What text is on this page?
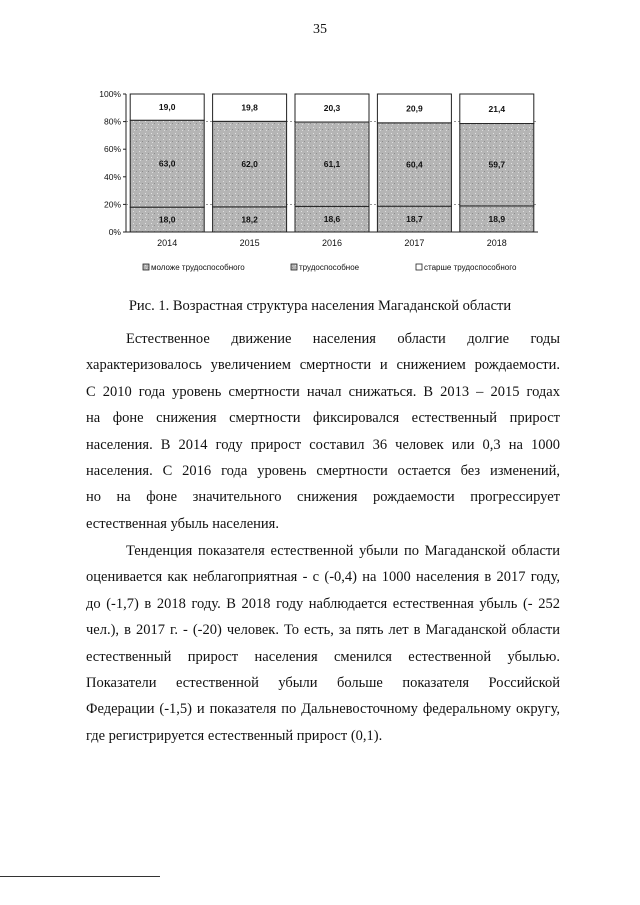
35
0%
20%
40%
60%
80%
100%
18,0
63,0
19,0
2014
18,2
62,0
19,8
2015
18,6
61,1
20,3
2016
18,7
60,4
20,9
2017
18,9
59,7
21,4
2018
моложе трудоспособного	трудоспособное	старше трудоспособного
Рис. 1. Возрастная структура населения Магаданской области
Естественное движение населения области долгие годы
характеризовалось увеличением смертности и снижением рождаемости.
С 2010 года уровень смертности начал снижаться. В 2013 – 2015 годах
на фоне снижения смертности фиксировался естественный прирост
населения. В 2014 году прирост составил 36 человек или 0,3 на 1000
населения. С 2016 года уровень смертности остается без изменений,
но на фоне значительного снижения рождаемости прогрессирует
естественная убыль населения.
Тенденция показателя естественной убыли по Магаданской области
оценивается как неблагоприятная - с (-0,4) на 1000 населения в 2017 году,
до (-1,7) в 2018 году. В 2018 году наблюдается естественная убыль (- 252
чел.), в 2017 г. - (-20) человек. То есть, за пять лет в Магаданской области
естественный прирост населения сменился естественной убылью.
Показатели естественной убыли больше показателя Российской
Федерации (-1,5) и показателя по Дальневосточному федеральному округу,
где регистрируется естественный прирост (0,1).
